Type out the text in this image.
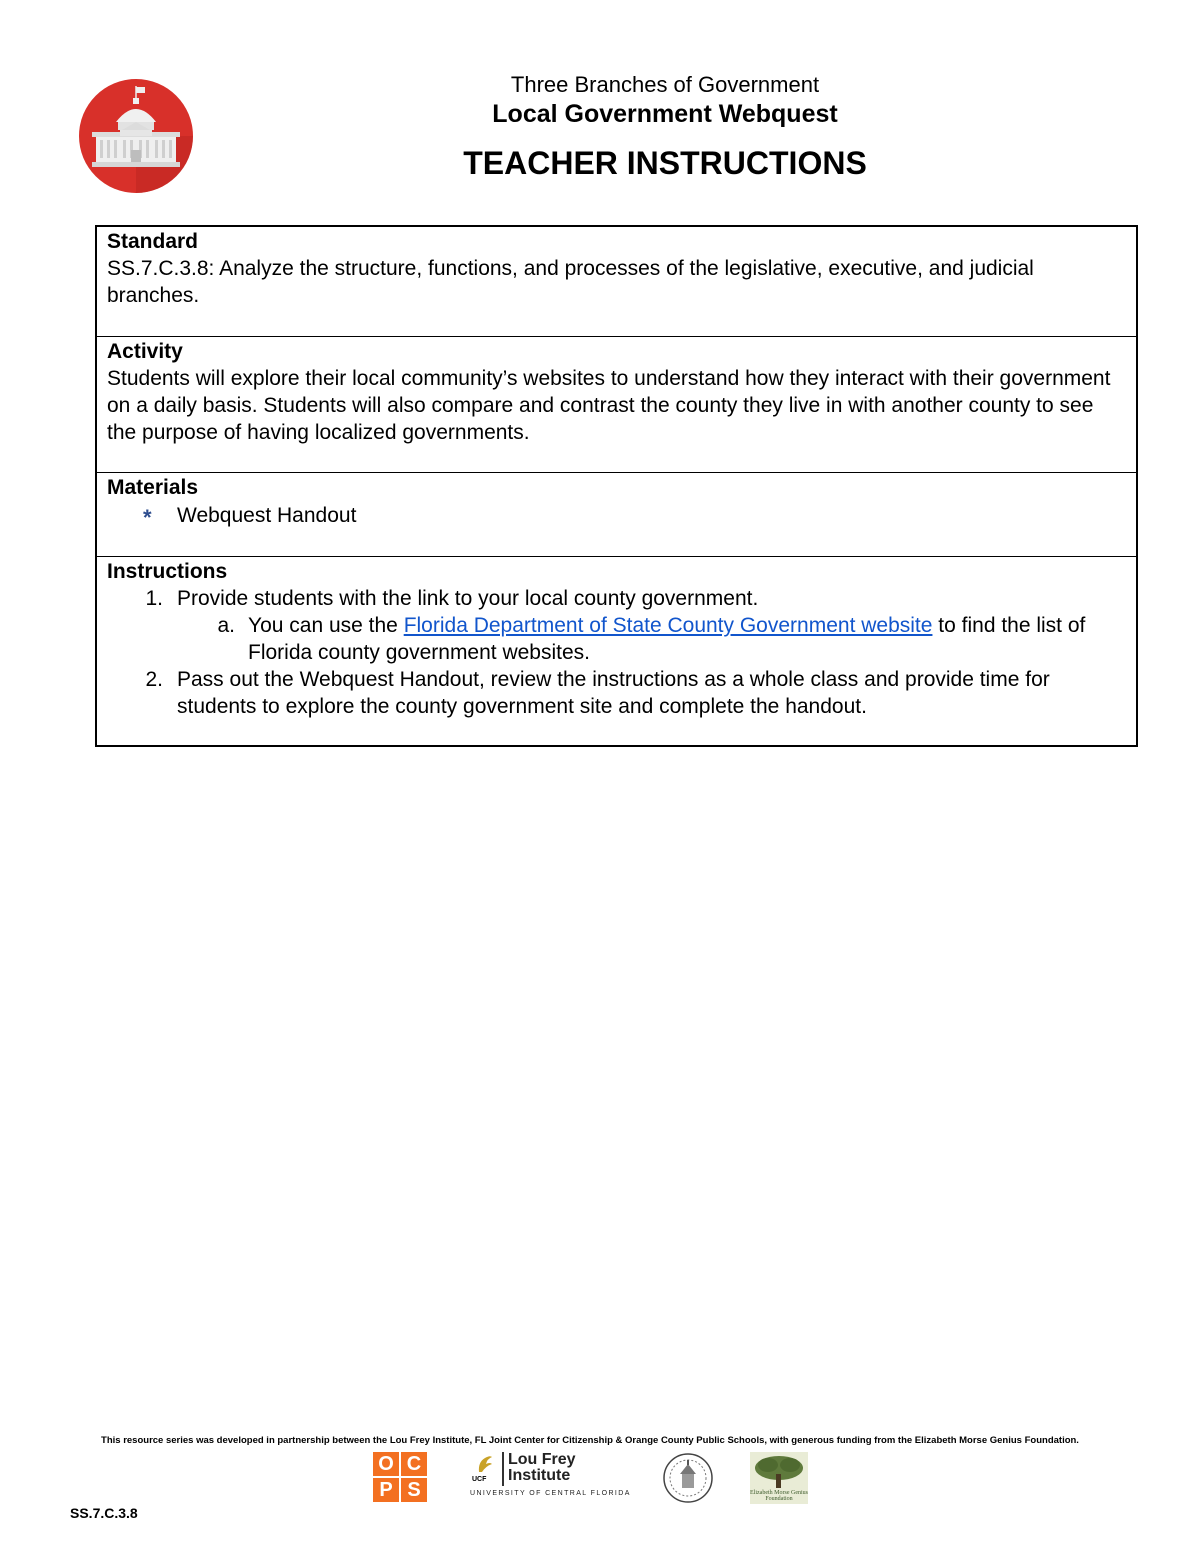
Three Branches of Government
Local Government Webquest
TEACHER INSTRUCTIONS
Standard
SS.7.C.3.8: Analyze the structure, functions, and processes of the legislative, executive, and judicial branches.
Activity
Students will explore their local community’s websites to understand how they interact with their government on a daily basis. Students will also compare and contrast the county they live in with another county to see the purpose of having localized governments.
Materials
* Webquest Handout
Instructions
1. Provide students with the link to your local county government.
a. You can use the Florida Department of State County Government website to find the list of Florida county government websites.
2. Pass out the Webquest Handout, review the instructions as a whole class and provide time for students to explore the county government site and complete the handout.
This resource series was developed in partnership between the Lou Frey Institute, FL Joint Center for Citizenship & Orange County Public Schools, with generous funding from the Elizabeth Morse Genius Foundation.
O C
P S	UCF
Lou Frey Institute
UNIVERSITY OF CENTRAL FLORIDA	Elizabeth Morse Genius Foundation
SS.7.C.3.8
